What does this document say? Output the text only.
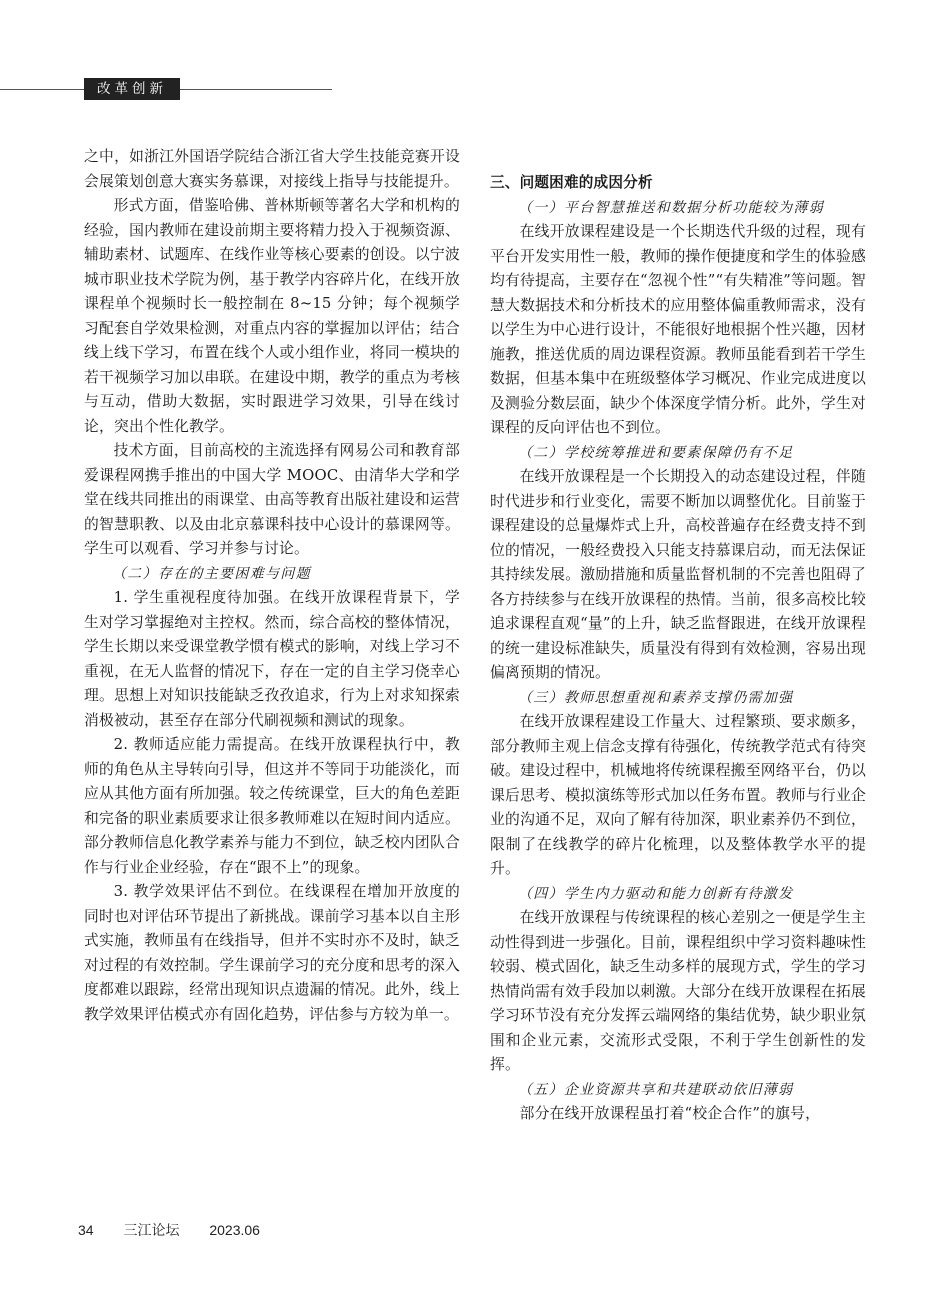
改革创新

之中，如浙江外国语学院结合浙江省大学生技能竞赛开设会展策划创意大赛实务慕课，对接线上指导与技能提升。

形式方面，借鉴哈佛、普林斯顿等著名大学和机构的经验，国内教师在建设前期主要将精力投入于视频资源、辅助素材、试题库、在线作业等核心要素的创设。以宁波城市职业技术学院为例，基于教学内容碎片化，在线开放课程单个视频时长一般控制在 8~15 分钟；每个视频学习配套自学效果检测，对重点内容的掌握加以评估；结合线上线下学习，布置在线个人或小组作业，将同一模块的若干视频学习加以串联。在建设中期，教学的重点为考核与互动，借助大数据，实时跟进学习效果，引导在线讨论，突出个性化教学。

技术方面，目前高校的主流选择有网易公司和教育部爱课程网携手推出的中国大学 MOOC、由清华大学和学堂在线共同推出的雨课堂、由高等教育出版社建设和运营的智慧职教、以及由北京慕课科技中心设计的慕课网等。学生可以观看、学习并参与讨论。

（二）存在的主要困难与问题

1. 学生重视程度待加强。在线开放课程背景下，学生对学习掌握绝对主控权。然而，综合高校的整体情况，学生长期以来受课堂教学惯有模式的影响，对线上学习不重视，在无人监督的情况下，存在一定的自主学习侥幸心理。思想上对知识技能缺乏孜孜追求，行为上对求知探索消极被动，甚至存在部分代刷视频和测试的现象。

2. 教师适应能力需提高。在线开放课程执行中，教师的角色从主导转向引导，但这并不等同于功能淡化，而应从其他方面有所加强。较之传统课堂，巨大的角色差距和完备的职业素质要求让很多教师难以在短时间内适应。部分教师信息化教学素养与能力不到位，缺乏校内团队合作与行业企业经验，存在“跟不上”的现象。

3. 教学效果评估不到位。在线课程在增加开放度的同时也对评估环节提出了新挑战。课前学习基本以自主形式实施，教师虽有在线指导，但并不实时亦不及时，缺乏对过程的有效控制。学生课前学习的充分度和思考的深入度都难以跟踪，经常出现知识点遗漏的情况。此外，线上教学效果评估模式亦有固化趋势，评估参与方较为单一。

三、问题困难的成因分析

（一）平台智慧推送和数据分析功能较为薄弱

在线开放课程建设是一个长期迭代升级的过程，现有平台开发实用性一般，教师的操作便捷度和学生的体验感均有待提高，主要存在“忽视个性”“有失精准”等问题。智慧大数据技术和分析技术的应用整体偏重教师需求，没有以学生为中心进行设计，不能很好地根据个性兴趣，因材施教，推送优质的周边课程资源。教师虽能看到若干学生数据，但基本集中在班级整体学习概况、作业完成进度以及测验分数层面，缺少个体深度学情分析。此外，学生对课程的反向评估也不到位。

（二）学校统筹推进和要素保障仍有不足

在线开放课程是一个长期投入的动态建设过程，伴随时代进步和行业变化，需要不断加以调整优化。目前鉴于课程建设的总量爆炸式上升，高校普遍存在经费支持不到位的情况，一般经费投入只能支持慕课启动，而无法保证其持续发展。激励措施和质量监督机制的不完善也阻碍了各方持续参与在线开放课程的热情。当前，很多高校比较追求课程直观“量”的上升，缺乏监督跟进，在线开放课程的统一建设标准缺失，质量没有得到有效检测，容易出现偏离预期的情况。

（三）教师思想重视和素养支撑仍需加强

在线开放课程建设工作量大、过程繁琐、要求颇多，部分教师主观上信念支撑有待强化，传统教学范式有待突破。建设过程中，机械地将传统课程搬至网络平台，仍以课后思考、模拟演练等形式加以任务布置。教师与行业企业的沟通不足，双向了解有待加深，职业素养仍不到位，限制了在线教学的碎片化梳理，以及整体教学水平的提升。

（四）学生内力驱动和能力创新有待激发

在线开放课程与传统课程的核心差别之一便是学生主动性得到进一步强化。目前，课程组织中学习资料趣味性较弱、模式固化，缺乏生动多样的展现方式，学生的学习热情尚需有效手段加以刺激。大部分在线开放课程在拓展学习环节没有充分发挥云端网络的集结优势，缺少职业氛围和企业元素，交流形式受限，不利于学生创新性的发挥。

（五）企业资源共享和共建联动依旧薄弱

部分在线开放课程虽打着“校企合作”的旗号，

34 三江论坛 2023.06
